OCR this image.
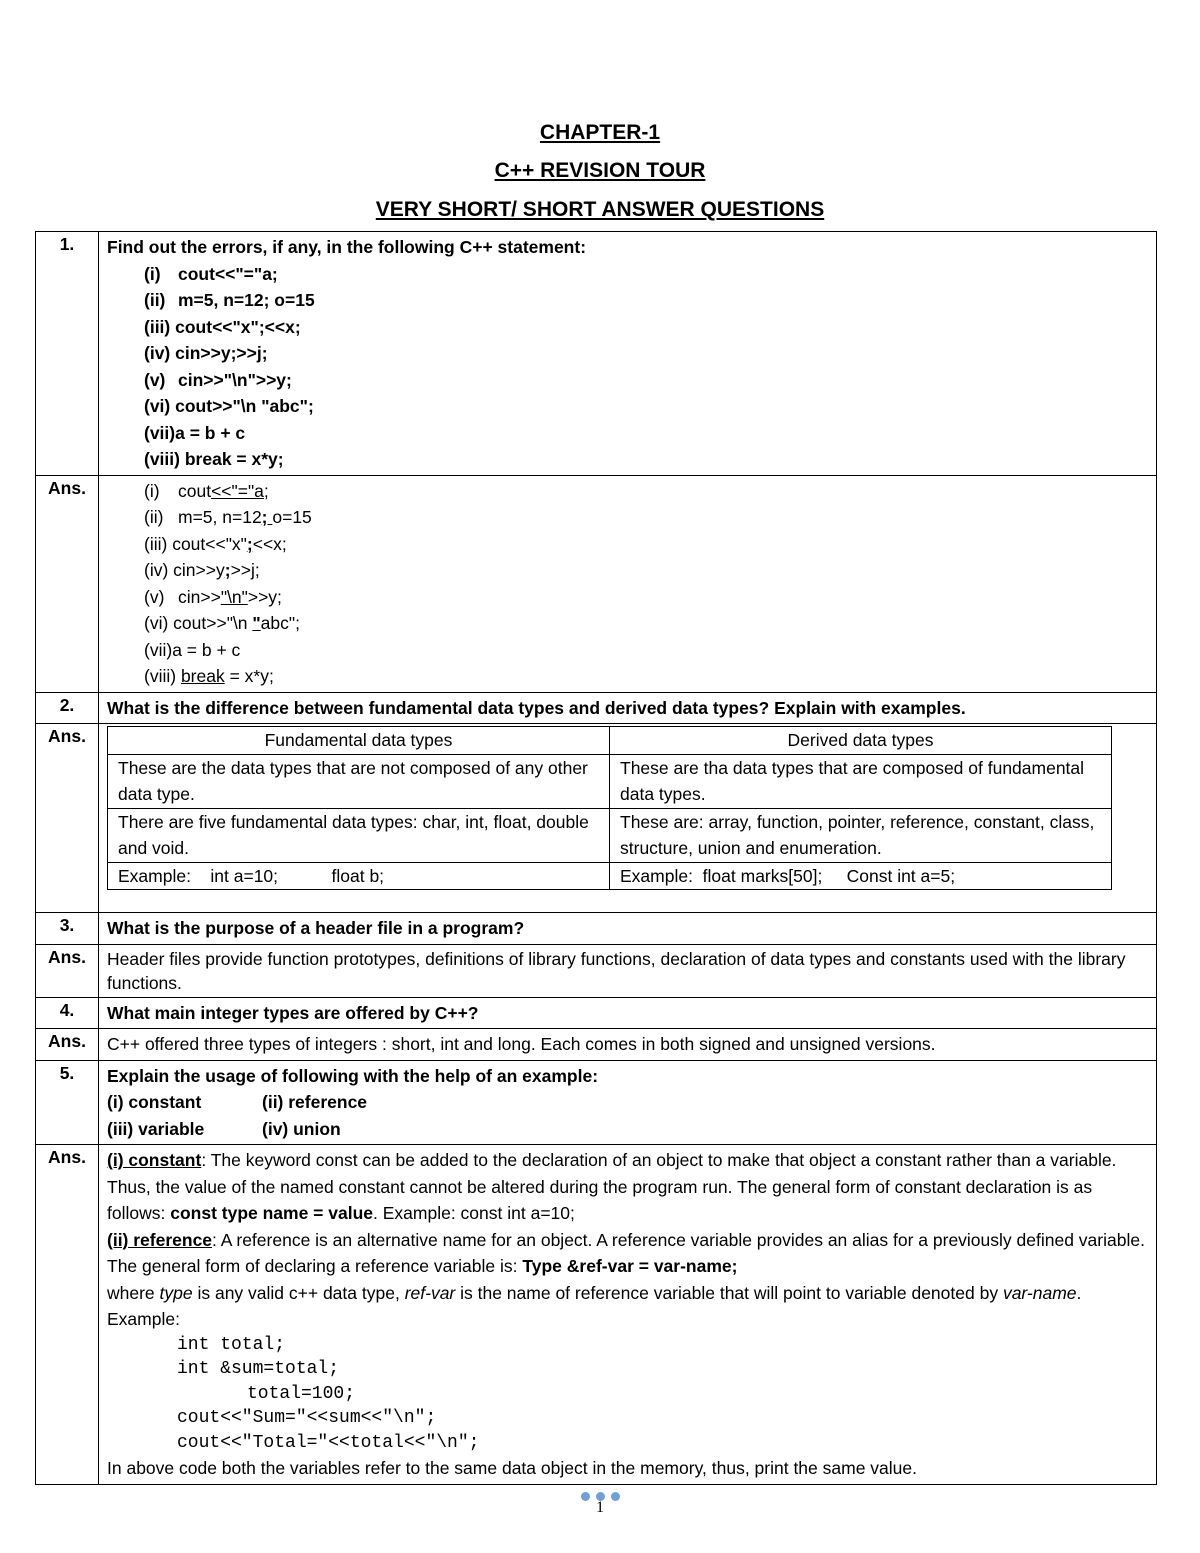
CHAPTER-1
C++ REVISION TOUR
VERY SHORT/ SHORT ANSWER QUESTIONS
1.	Find out the errors, if any, in the following C++ statement:
(i) cout<<"="a;
(ii) m=5, n=12; o=15
(iii) cout<<"x";<<x;
(iv) cin>>y;>>j;
(v) cin>>"\n">>y;
(vi) cout>>"\n "abc";
(vii)a = b + c
(viii) break = x*y;

Ans.	(i) cout<<"="a;
(ii) m=5, n=12; o=15
(iii) cout<<"x";<<x;
(iv) cin>>y;>>j;
(v) cin>>"\n">>y;
(vi) cout>>"\n "abc";
(vii)a = b + c
(viii) break = x*y;

2.	What is the difference between fundamental data types and derived data types? Explain with examples.
Ans.		Fundamental data types	Derived data types
These are the data types that are not composed of any other data type.	These are tha data types that are composed of fundamental data types.
There are five fundamental data types: char, int, float, double and void.	These are: array, function, pointer, reference, constant, class, structure, union and enumeration.
Example:    int a=10;           float b;	Example:  float marks[50];     Const int a=5;

3.	What is the purpose of a header file in a program?
Ans.	Header files provide function prototypes, definitions of library functions, declaration of data types and constants used with the library functions.
4.	What main integer types are offered by C++?
Ans.	C++ offered three types of integers : short, int and long. Each comes in both signed and unsigned versions.
5.	Explain the usage of following with the help of an example:
(i) constant	(ii) reference
(iii) variable	(iv) union

Ans.	(i) constant: The keyword const can be added to the declaration of an object to make that object a constant rather than a variable. Thus, the value of the named constant cannot be altered during the program run. The general form of constant declaration is as follows: const type name = value. Example: const int a=10;
(ii) reference: A reference is an alternative name for an object. A reference variable provides an alias for a previously defined variable. The general form of declaring a reference variable is: Type &ref-var = var-name;
where type is any valid c++ data type, ref-var is the name of reference variable that will point to variable denoted by var-name.
Example:
int total;
int &sum=total;
total=100;
cout<<"Sum="<<sum<<"\n";
cout<<"Total="<<total<<"\n";
In above code both the variables refer to the same data object in the memory, thus, print the same value.
1
